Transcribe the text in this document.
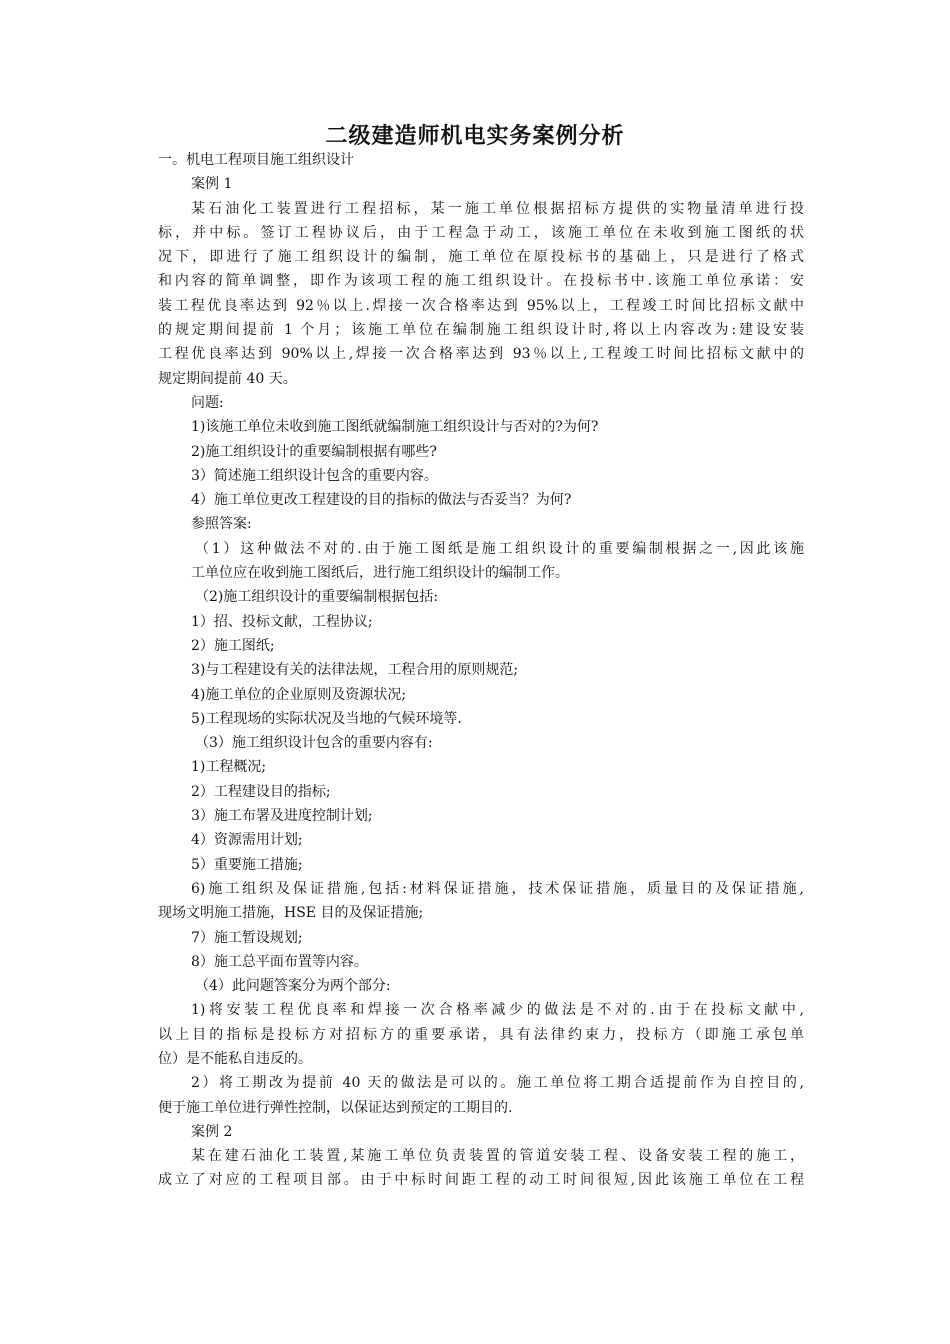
二级建造师机电实务案例分析

一。机电工程项目施工组织设计

案例 1

某石油化工装置进行工程招标，某一施工单位根据招标方提供的实物量清单进行投

标，并中标。签订工程协议后，由于工程急于动工，该施工单位在未收到施工图纸的状

况下，即进行了施工组织设计的编制，施工单位在原投标书的基础上，只是进行了格式

和内容的简单调整，即作为该项工程的施工组织设计。在投标书中.该施工单位承诺：安

装工程优良率达到 92％以上.焊接一次合格率达到 95%以上，工程竣工时间比招标文献中

的规定期间提前 1 个月；该施工单位在编制施工组织设计时,将以上内容改为:建设安装

工程优良率达到 90%以上,焊接一次合格率达到 93％以上,工程竣工时间比招标文献中的

规定期间提前 40 天。

问题:

1)该施工单位未收到施工图纸就编制施工组织设计与否对的?为何?

2)施工组织设计的重要编制根据有哪些?

3）简述施工组织设计包含的重要内容。

4）施工单位更改工程建设的目的指标的做法与否妥当？为何?

参照答案:

（1）这种做法不对的.由于施工图纸是施工组织设计的重要编制根据之一,因此该施

工单位应在收到施工图纸后，进行施工组织设计的编制工作。

（2)施工组织设计的重要编制根据包括:

1）招、投标文献，工程协议;

2）施工图纸;

3)与工程建设有关的法律法规，工程合用的原则规范;

4)施工单位的企业原则及资源状况;

5)工程现场的实际状况及当地的气候环境等.

（3）施工组织设计包含的重要内容有:

1)工程概况;

2）工程建设目的指标;

3）施工布署及进度控制计划;

4）资源需用计划;

5）重要施工措施;

6)施工组织及保证措施,包括:材料保证措施，技术保证措施，质量目的及保证措施,

现场文明施工措施，HSE 目的及保证措施;

7）施工暂设规划;

8）施工总平面布置等内容。

（4）此问题答案分为两个部分:

1)将安装工程优良率和焊接一次合格率减少的做法是不对的.由于在投标文献中,

以上目的指标是投标方对招标方的重要承诺，具有法律约束力，投标方（即施工承包单

位）是不能私自违反的。

2）将工期改为提前 40 天的做法是可以的。施工单位将工期合适提前作为自控目的,

便于施工单位进行弹性控制，以保证达到预定的工期目的.

案例 2

某在建石油化工装置,某施工单位负责装置的管道安装工程、设备安装工程的施工，

成立了对应的工程项目部。由于中标时间距工程的动工时间很短,因此该施工单位在工程
